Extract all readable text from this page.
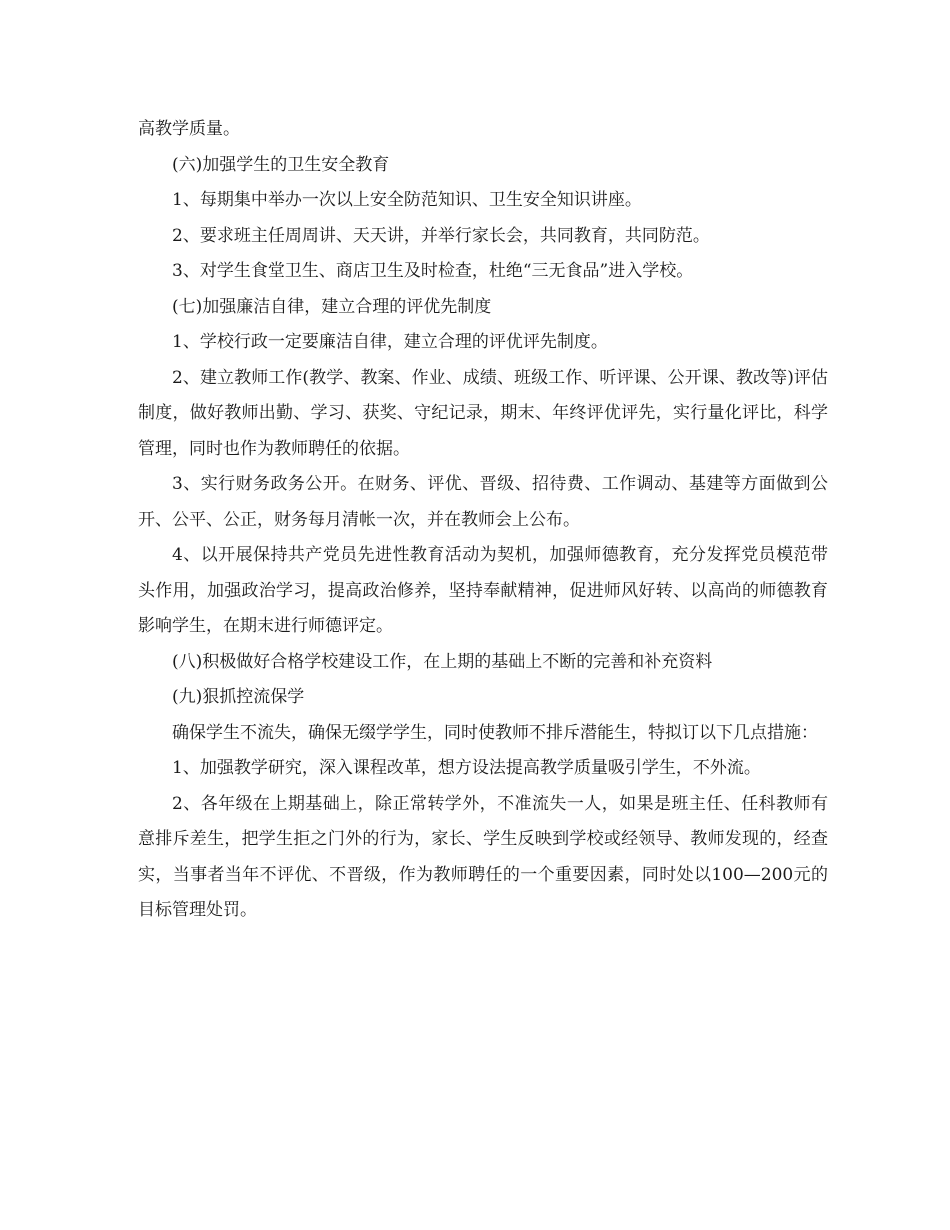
高教学质量。

(六)加强学生的卫生安全教育

1、每期集中举办一次以上安全防范知识、卫生安全知识讲座。

2、要求班主任周周讲、天天讲，并举行家长会，共同教育，共同防范。

3、对学生食堂卫生、商店卫生及时检查，杜绝“三无食品”进入学校。

(七)加强廉洁自律，建立合理的评优先制度

1、学校行政一定要廉洁自律，建立合理的评优评先制度。

2、建立教师工作(教学、教案、作业、成绩、班级工作、听评课、公开课、教改等)评估制度，做好教师出勤、学习、获奖、守纪记录，期末、年终评优评先，实行量化评比，科学管理，同时也作为教师聘任的依据。

3、实行财务政务公开。在财务、评优、晋级、招待费、工作调动、基建等方面做到公开、公平、公正，财务每月清帐一次，并在教师会上公布。

4、以开展保持共产党员先进性教育活动为契机，加强师德教育，充分发挥党员模范带头作用，加强政治学习，提高政治修养，坚持奉献精神，促进师风好转、以高尚的师德教育影响学生，在期末进行师德评定。

(八)积极做好合格学校建设工作，在上期的基础上不断的完善和补充资料

(九)狠抓控流保学

确保学生不流失，确保无缀学学生，同时使教师不排斥潜能生，特拟订以下几点措施：

1、加强教学研究，深入课程改革，想方设法提高教学质量吸引学生，不外流。

2、各年级在上期基础上，除正常转学外，不准流失一人，如果是班主任、任科教师有意排斥差生，把学生拒之门外的行为，家长、学生反映到学校或经领导、教师发现的，经查实，当事者当年不评优、不晋级，作为教师聘任的一个重要因素，同时处以100—200元的目标管理处罚。
